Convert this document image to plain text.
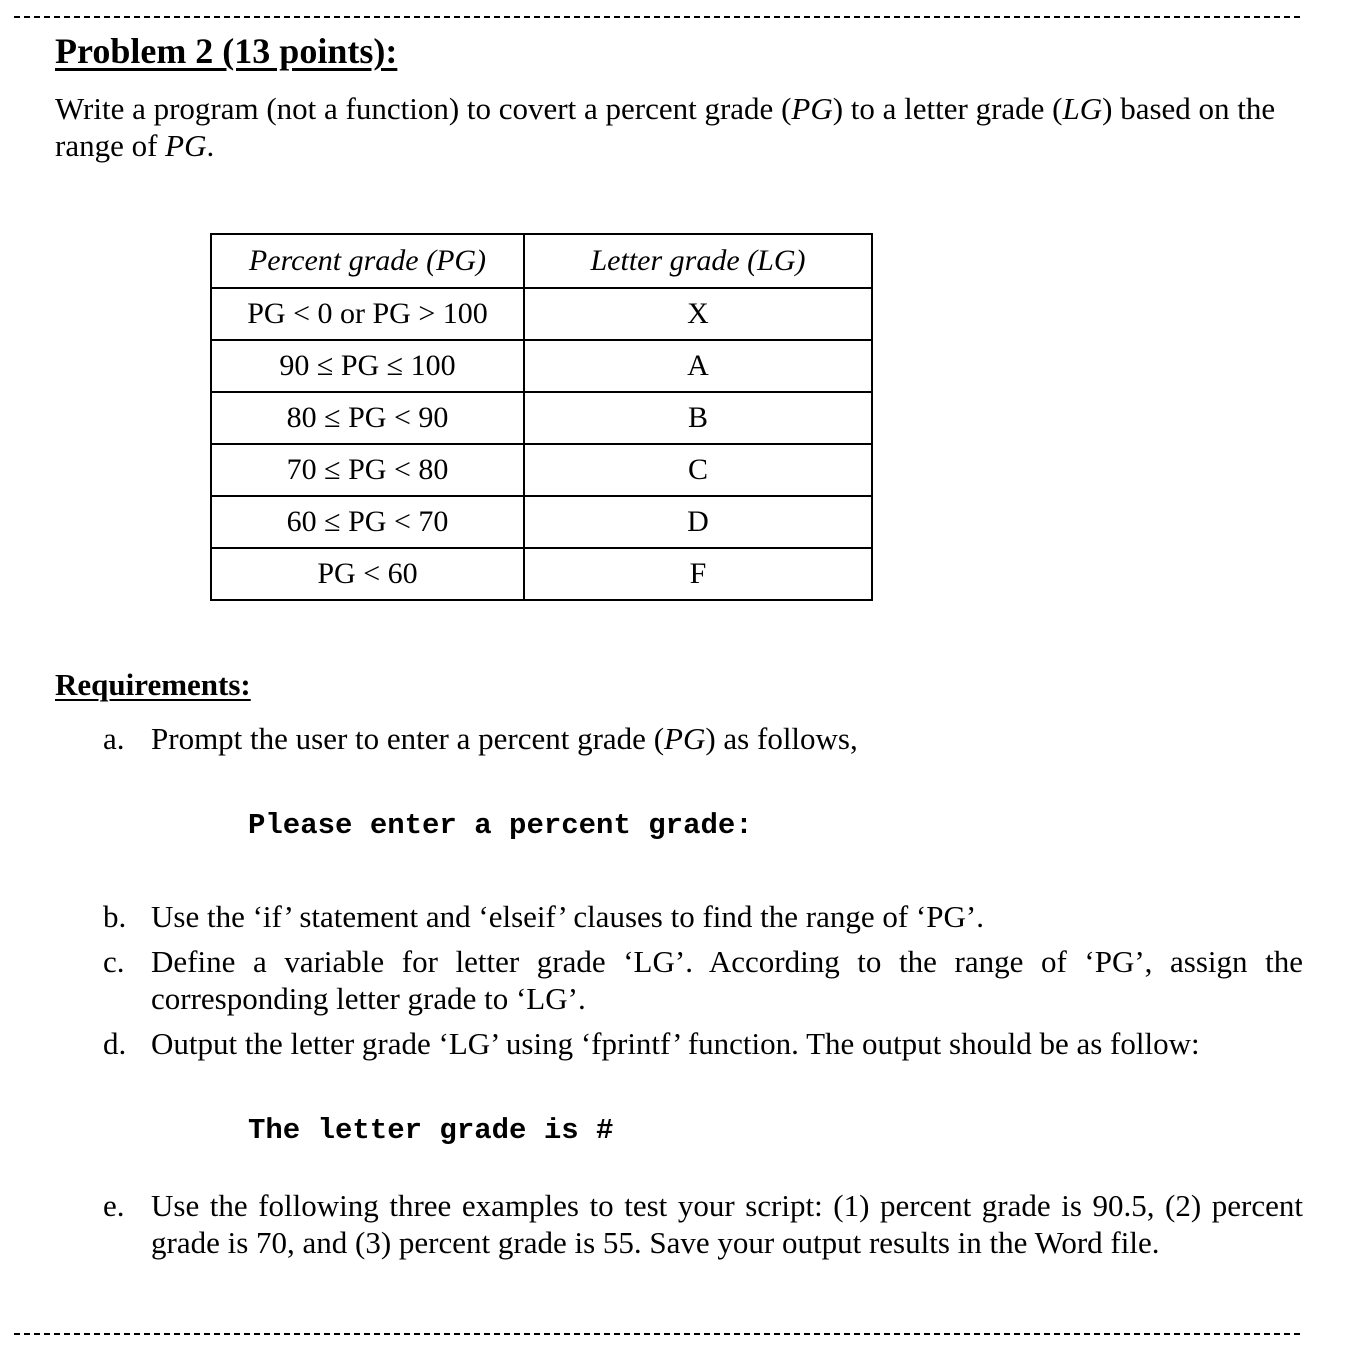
Problem 2 (13 points):
Write a program (not a function) to covert a percent grade (PG) to a letter grade (LG) based on the range of PG.
Percent grade (PG)	Letter grade (LG)
PG < 0 or PG > 100	X
90 ≤ PG ≤ 100	A
80 ≤ PG < 90	B
70 ≤ PG < 80	C
60 ≤ PG < 70	D
PG < 60	F
Requirements:
a. Prompt the user to enter a percent grade (PG) as follows,
Please enter a percent grade:
b. Use the ‘if’ statement and ‘elseif’ clauses to find the range of ‘PG’.
c. Define a variable for letter grade ‘LG’. According to the range of ‘PG’, assign the corresponding letter grade to ‘LG’.
d. Output the letter grade ‘LG’ using ‘fprintf’ function. The output should be as follow:
The letter grade is #
e. Use the following three examples to test your script: (1) percent grade is 90.5, (2) percent grade is 70, and (3) percent grade is 55. Save your output results in the Word file.
